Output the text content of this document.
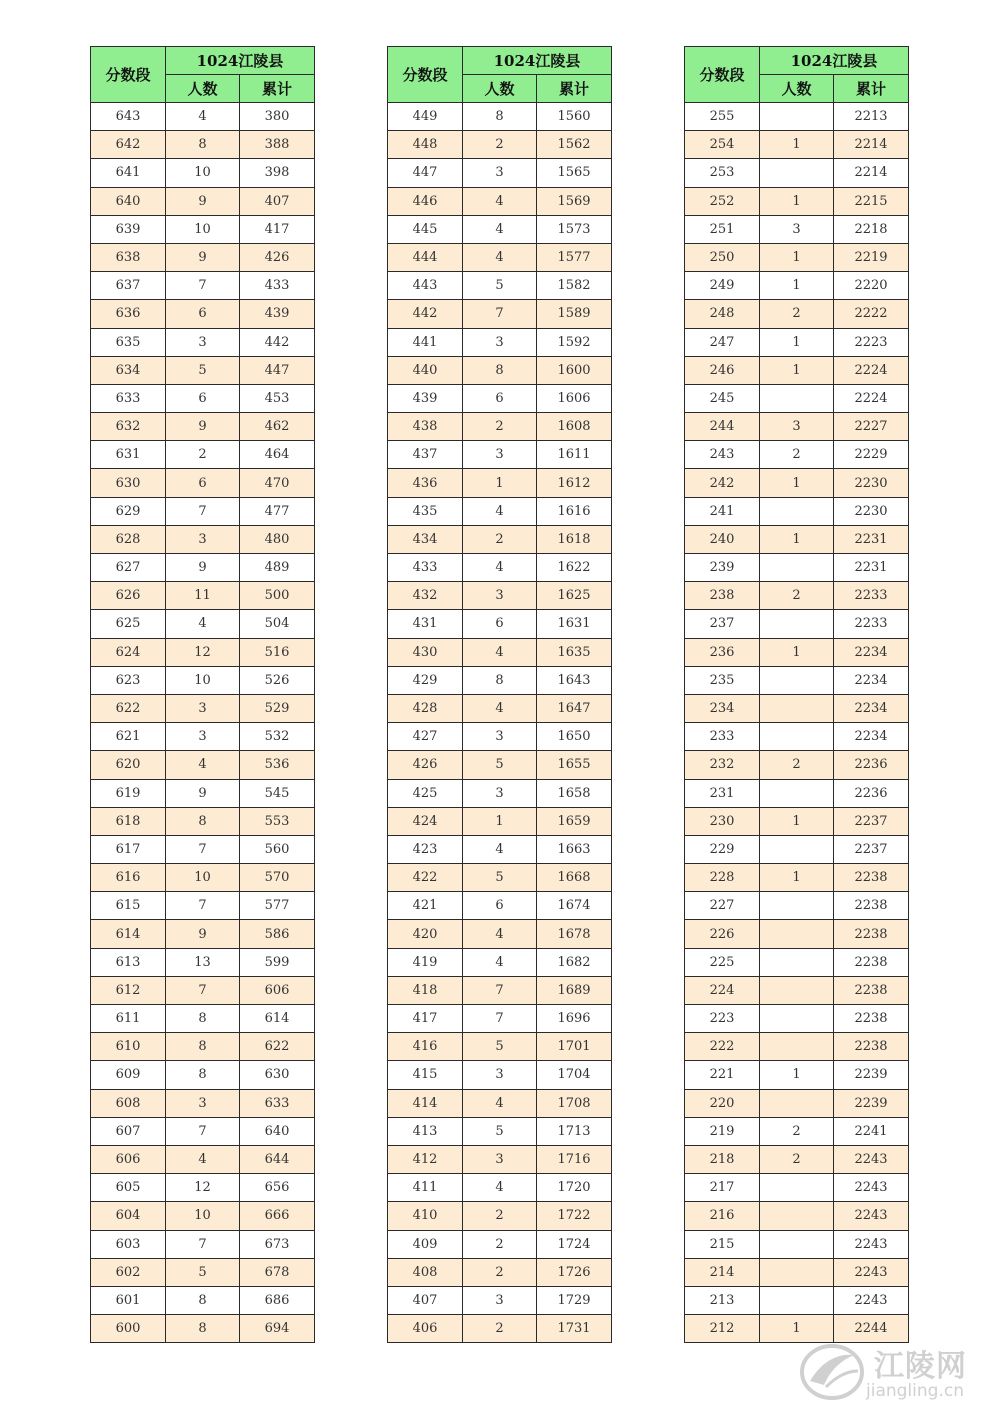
分数段	1024江陵县	
	人数	累计
643	4	380
642	8	388
641	10	398
640	9	407
639	10	417
638	9	426
637	7	433
636	6	439
635	3	442
634	5	447
633	6	453
632	9	462
631	2	464
630	6	470
629	7	477
628	3	480
627	9	489
626	11	500
625	4	504
624	12	516
623	10	526
622	3	529
621	3	532
620	4	536
619	9	545
618	8	553
617	7	560
616	10	570
615	7	577
614	9	586
613	13	599
612	7	606
611	8	614
610	8	622
609	8	630
608	3	633
607	7	640
606	4	644
605	12	656
604	10	666
603	7	673
602	5	678
601	8	686
600	8	694
分数段	1024江陵县	
	人数	累计
449	8	1560
448	2	1562
447	3	1565
446	4	1569
445	4	1573
444	4	1577
443	5	1582
442	7	1589
441	3	1592
440	8	1600
439	6	1606
438	2	1608
437	3	1611
436	1	1612
435	4	1616
434	2	1618
433	4	1622
432	3	1625
431	6	1631
430	4	1635
429	8	1643
428	4	1647
427	3	1650
426	5	1655
425	3	1658
424	1	1659
423	4	1663
422	5	1668
421	6	1674
420	4	1678
419	4	1682
418	7	1689
417	7	1696
416	5	1701
415	3	1704
414	4	1708
413	5	1713
412	3	1716
411	4	1720
410	2	1722
409	2	1724
408	2	1726
407	3	1729
406	2	1731
分数段	1024江陵县	
	人数	累计
255		2213
254	1	2214
253		2214
252	1	2215
251	3	2218
250	1	2219
249	1	2220
248	2	2222
247	1	2223
246	1	2224
245		2224
244	3	2227
243	2	2229
242	1	2230
241		2230
240	1	2231
239		2231
238	2	2233
237		2233
236	1	2234
235		2234
234		2234
233		2234
232	2	2236
231		2236
230	1	2237
229		2237
228	1	2238
227		2238
226		2238
225		2238
224		2238
223		2238
222		2238
221	1	2239
220		2239
219	2	2241
218	2	2243
217		2243
216		2243
215		2243
214		2243
213		2243
212	1	2244
江陵网
jiangling.cn
